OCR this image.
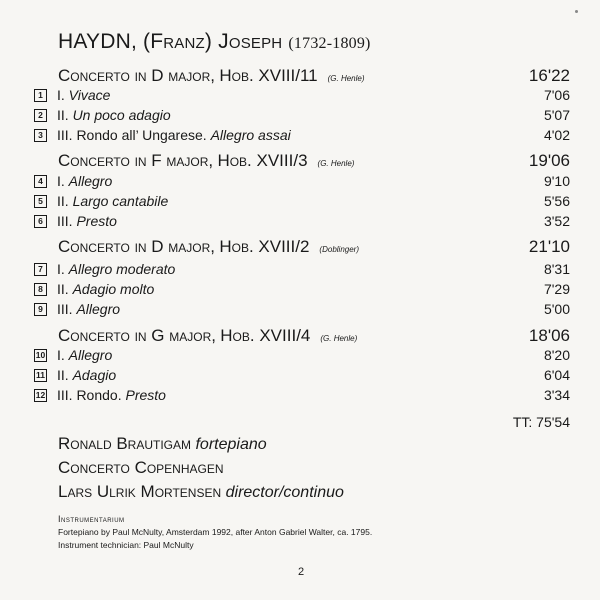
HAYDN, (Franz) Joseph (1732-1809)
Concerto in D major,
Hob. XVIII/11 (G. Henle)	16'22
1 I. Vivace	7'06
2 II. Un poco adagio	5'07
3 III. Rondo all’ Ungarese. Allegro assai	4'02
Concerto in F major,
Hob. XVIII/3 (G. Henle)	19'06
4 I. Allegro	9'10
5 II. Largo cantabile	5'56
6 III. Presto	3'52
Concerto in D major,
Hob. XVIII/2 (Doblinger)	21'10
7 I. Allegro moderato	8'31
8 II. Adagio molto	7'29
9 III. Allegro	5'00
Concerto in G major,
Hob. XVIII/4 (G. Henle)	18'06
10 I. Allegro	8'20
11 II. Adagio	6'04
12 III. Rondo. Presto	3'34
TT: 75'54
Ronald Brautigam fortepiano
Concerto Copenhagen
Lars Ulrik Mortensen director/continuo
Instrumentarium
Fortepiano by Paul McNulty, Amsterdam 1992, after Anton Gabriel Walter, ca. 1795.
Instrument technician: Paul McNulty
2
